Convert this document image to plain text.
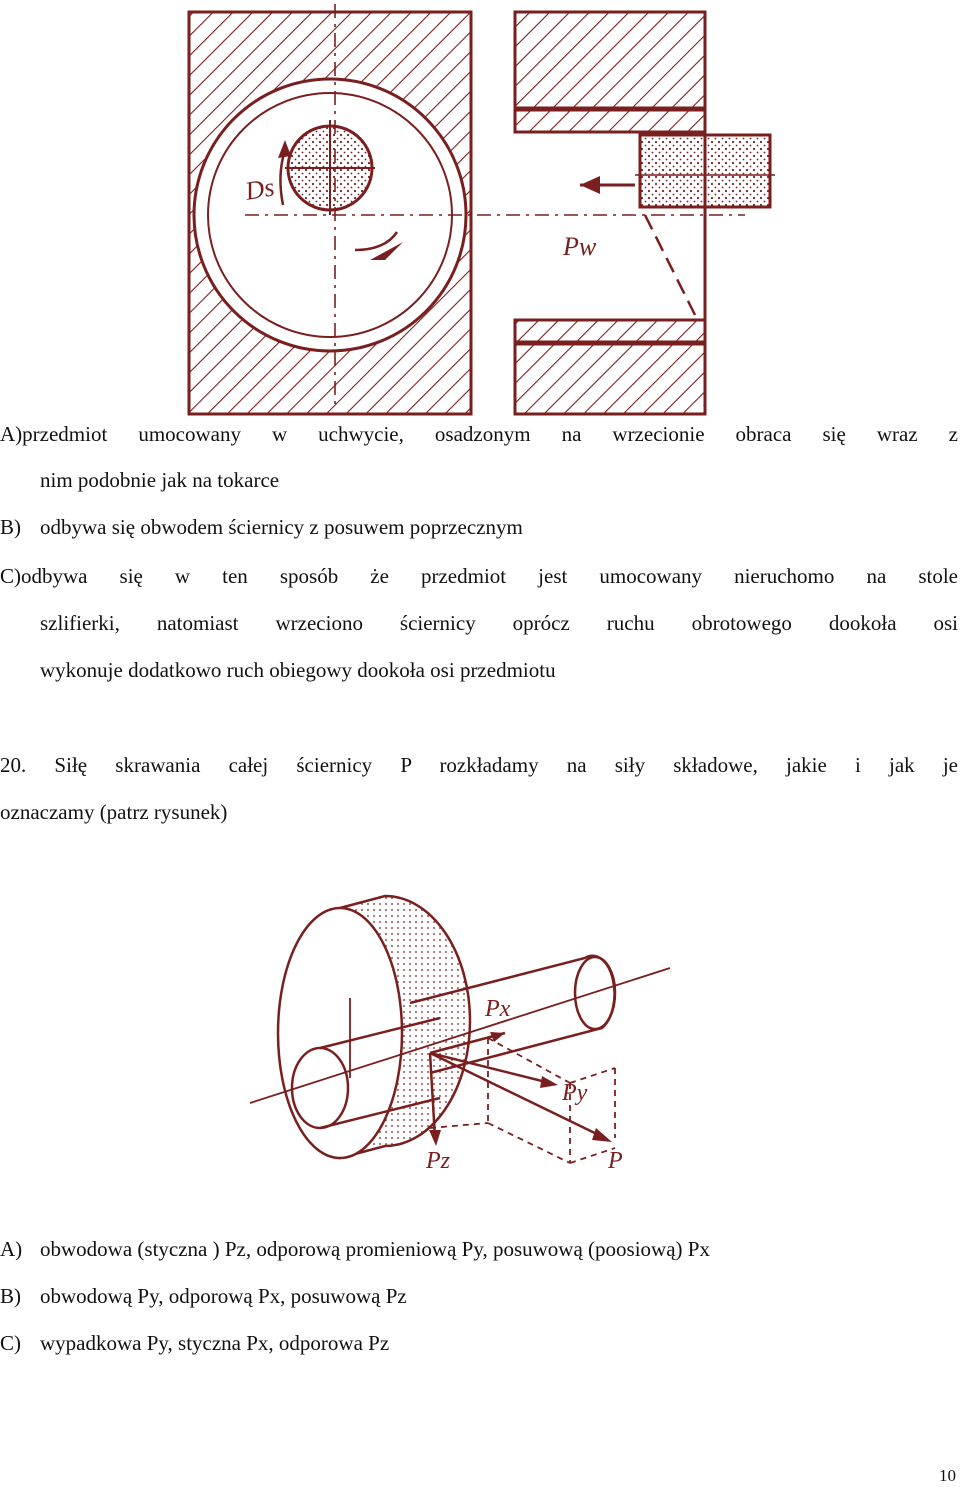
Ds
Pw
A)przedmiot umocowany w uchwycie, osadzonym na wrzecionie obraca się wraz z
nim podobnie jak na tokarce
B) odbywa się obwodem ściernicy z posuwem poprzecznym
C)odbywa się w ten sposób że przedmiot jest umocowany nieruchomo na stole
szlifierki, natomiast wrzeciono ściernicy oprócz ruchu obrotowego dookoła osi
wykonuje dodatkowo ruch obiegowy dookoła osi przedmiotu
20. Siłę skrawania całej ściernicy P rozkładamy na siły składowe, jakie i jak je
oznaczamy (patrz rysunek)
Px
Py
Pz	P
A) obwodowa (styczna ) Pz, odporową promieniową Py, posuwową (poosiową) Px
B) obwodową Py, odporową Px, posuwową Pz
C) wypadkowa Py, styczna Px, odporowa Pz
10
